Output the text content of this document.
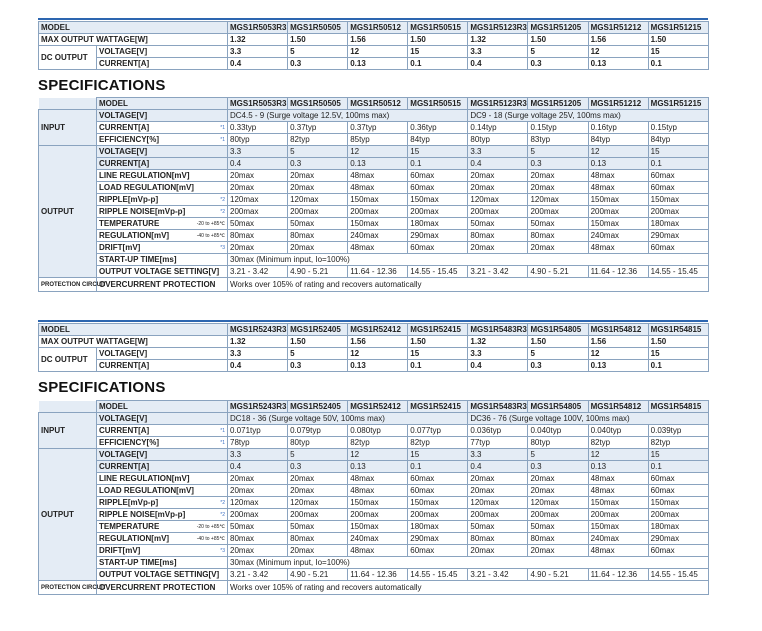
MODEL		MGS1R5053R3	MGS1R50505	MGS1R50512	MGS1R50515	MGS1R5123R3	MGS1R51205	MGS1R51212	MGS1R51215
MAX OUTPUT WATTAGE[W]		1.32	1.50	1.56	1.50	1.32	1.50	1.56	1.50
DC OUTPUT	VOLTAGE[V]	3.3	5	12	15	3.3	5	12	15
	CURRENT[A]	0.4	0.3	0.13	0.1	0.4	0.3	0.13	0.1
SPECIFICATIONS
	MODEL	MGS1R5053R3	MGS1R50505	MGS1R50512	MGS1R50515	MGS1R5123R3	MGS1R51205	MGS1R51212	MGS1R51215
INPUT	VOLTAGE[V]	DC4.5 - 9 (Surge voltage 12.5V, 100ms max)				DC9 - 18 (Surge voltage 25V, 100ms max)			
	CURRENT[A] *1	0.33typ	0.37typ	0.37typ	0.36typ	0.14typ	0.15typ	0.16typ	0.15typ
	EFFICIENCY[%] *1	80typ	82typ	85typ	84typ	80typ	83typ	84typ	84typ
OUTPUT	VOLTAGE[V]	3.3	5	12	15	3.3	5	12	15
	CURRENT[A]	0.4	0.3	0.13	0.1	0.4	0.3	0.13	0.1
	LINE REGULATION[mV]	20max	20max	48max	60max	20max	20max	48max	60max
	LOAD REGULATION[mV]	20max	20max	48max	60max	20max	20max	48max	60max
	RIPPLE[mVp-p] *2	120max	120max	150max	150max	120max	120max	150max	150max
	RIPPLE NOISE[mVp-p] *2	200max	200max	200max	200max	200max	200max	200max	200max
	TEMPERATURE -20 to +85℃	50max	50max	150max	180max	50max	50max	150max	180max
	REGULATION[mV] -40 to +85℃	80max	80max	240max	290max	80max	80max	240max	290max
	DRIFT[mV] *3	20max	20max	48max	60max	20max	20max	48max	60max
	START-UP TIME[ms]	30max (Minimum input, Io=100%)							
	OUTPUT VOLTAGE SETTING[V]	3.21 - 3.42	4.90 - 5.21	11.64 - 12.36	14.55 - 15.45	3.21 - 3.42	4.90 - 5.21	11.64 - 12.36	14.55 - 15.45
PROTECTION CIRCUIT	OVERCURRENT PROTECTION	Works over 105% of rating and recovers automatically							
MODEL		MGS1R5243R3	MGS1R52405	MGS1R52412	MGS1R52415	MGS1R5483R3	MGS1R54805	MGS1R54812	MGS1R54815
MAX OUTPUT WATTAGE[W]		1.32	1.50	1.56	1.50	1.32	1.50	1.56	1.50
DC OUTPUT	VOLTAGE[V]	3.3	5	12	15	3.3	5	12	15
	CURRENT[A]	0.4	0.3	0.13	0.1	0.4	0.3	0.13	0.1
SPECIFICATIONS
	MODEL	MGS1R5243R3	MGS1R52405	MGS1R52412	MGS1R52415	MGS1R5483R3	MGS1R54805	MGS1R54812	MGS1R54815
INPUT	VOLTAGE[V]	DC18 - 36 (Surge voltage 50V, 100ms max)				DC36 - 76 (Surge voltage 100V, 100ms max)			
	CURRENT[A] *1	0.071typ	0.079typ	0.080typ	0.077typ	0.036typ	0.040typ	0.040typ	0.039typ
	EFFICIENCY[%] *1	78typ	80typ	82typ	82typ	77typ	80typ	82typ	82typ
OUTPUT	VOLTAGE[V]	3.3	5	12	15	3.3	5	12	15
	CURRENT[A]	0.4	0.3	0.13	0.1	0.4	0.3	0.13	0.1
	LINE REGULATION[mV]	20max	20max	48max	60max	20max	20max	48max	60max
	LOAD REGULATION[mV]	20max	20max	48max	60max	20max	20max	48max	60max
	RIPPLE[mVp-p] *2	120max	120max	150max	150max	120max	120max	150max	150max
	RIPPLE NOISE[mVp-p] *2	200max	200max	200max	200max	200max	200max	200max	200max
	TEMPERATURE -20 to +85℃	50max	50max	150max	180max	50max	50max	150max	180max
	REGULATION[mV] -40 to +85℃	80max	80max	240max	290max	80max	80max	240max	290max
	DRIFT[mV] *3	20max	20max	48max	60max	20max	20max	48max	60max
	START-UP TIME[ms]	30max (Minimum input, Io=100%)							
	OUTPUT VOLTAGE SETTING[V]	3.21 - 3.42	4.90 - 5.21	11.64 - 12.36	14.55 - 15.45	3.21 - 3.42	4.90 - 5.21	11.64 - 12.36	14.55 - 15.45
PROTECTION CIRCUIT	OVERCURRENT PROTECTION	Works over 105% of rating and recovers automatically							
